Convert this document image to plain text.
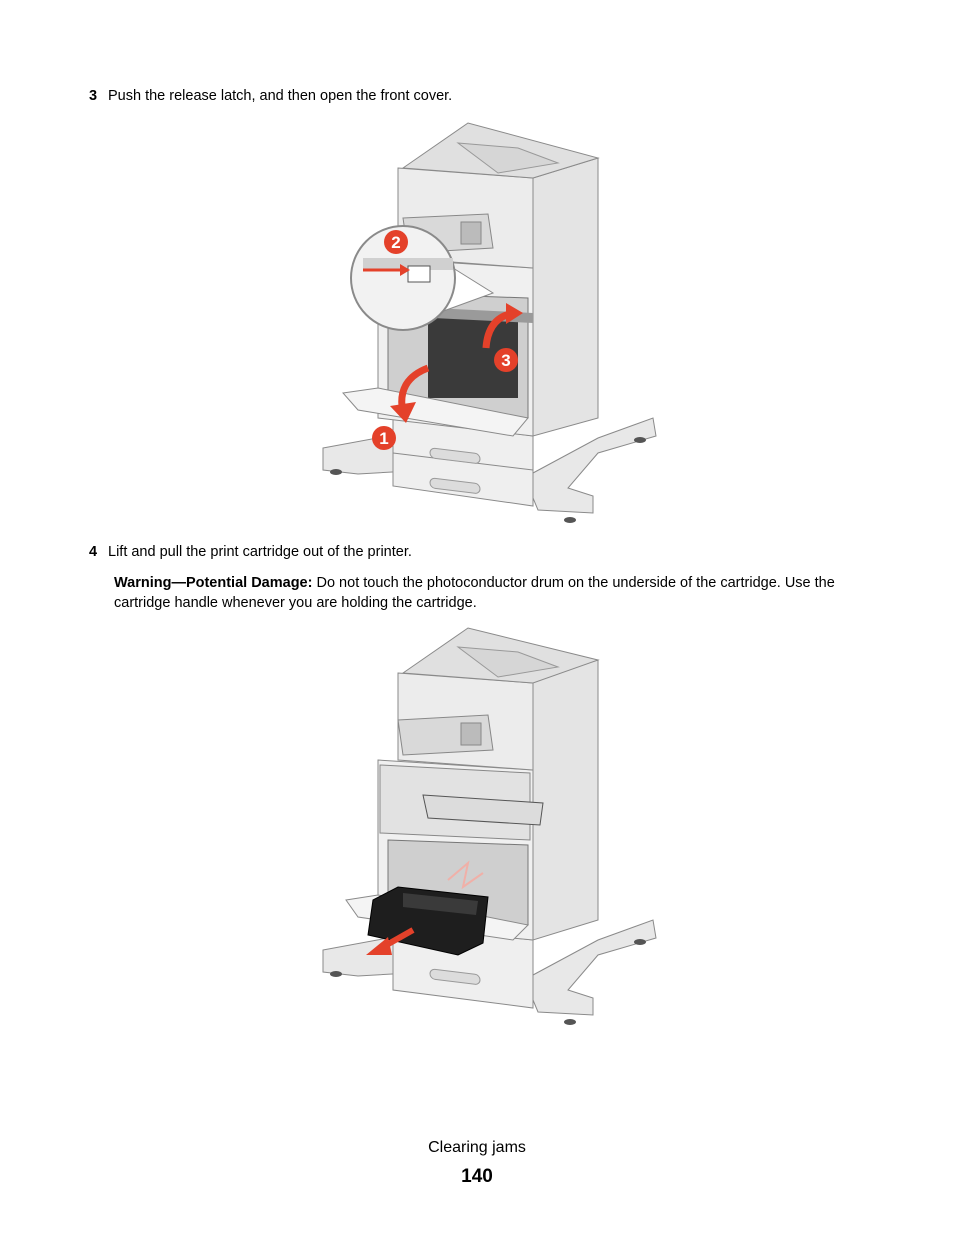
3 Push the release latch, and then open the front cover.
1
2
3
4 Lift and pull the print cartridge out of the printer.
Warning—Potential Damage: Do not touch the photoconductor drum on the underside of the cartridge. Use the cartridge handle whenever you are holding the cartridge.
Clearing jams
140
